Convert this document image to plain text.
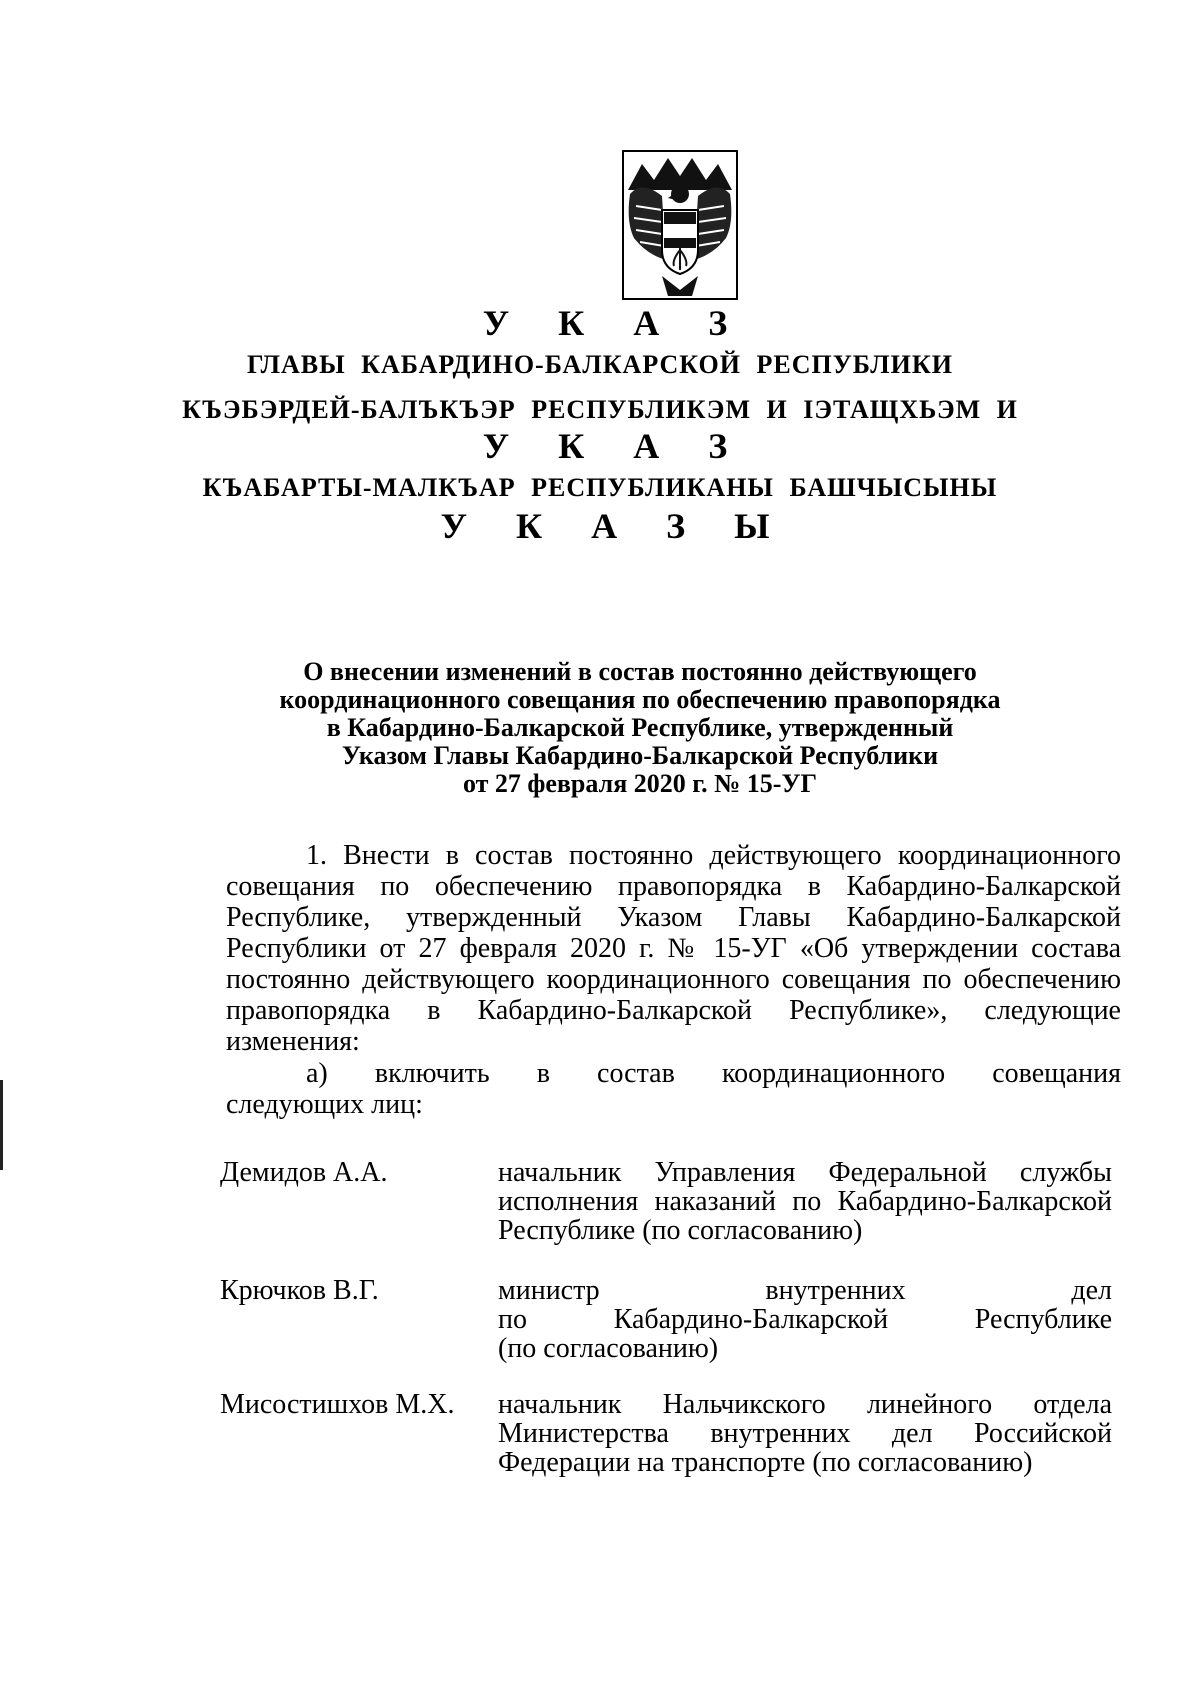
У К А З
ГЛАВЫ КАБАРДИНО-БАЛКАРСКОЙ РЕСПУБЛИКИ
КЪЭБЭРДЕЙ-БАЛЪКЪЭР РЕСПУБЛИКЭМ И IЭТАЩХЬЭМ И
У К А З
КЪАБАРТЫ-МАЛКЪАР РЕСПУБЛИКАНЫ БАШЧЫСЫНЫ
У К А З Ы
О внесении изменений в состав постоянно действующего
координационного совещания по обеспечению правопорядка
в Кабардино-Балкарской Республике, утвержденный
Указом Главы Кабардино-Балкарской Республики
от 27 февраля 2020 г. № 15-УГ
1. Внести в состав постоянно действующего координационного
совещания по обеспечению правопорядка в Кабардино-Балкарской
Республике, утвержденный Указом Главы Кабардино-Балкарской
Республики от 27 февраля 2020 г. № 15-УГ «Об утверждении состава
постоянно действующего координационного совещания по обеспечению
правопорядка в Кабардино-Балкарской Республике», следующие
изменения:
а) включить в состав координационного совещания
следующих лиц:
Демидов А.А.	начальник Управления Федеральной службы
исполнения наказаний по Кабардино-Балкарской
Республике (по согласованию)
Крючков В.Г.	министр внутренних дел
по Кабардино-Балкарской Республике
(по согласованию)
Мисостишхов М.Х. начальник Нальчикского линейного отдела
Министерства внутренних дел Российской
Федерации на транспорте (по согласованию)
